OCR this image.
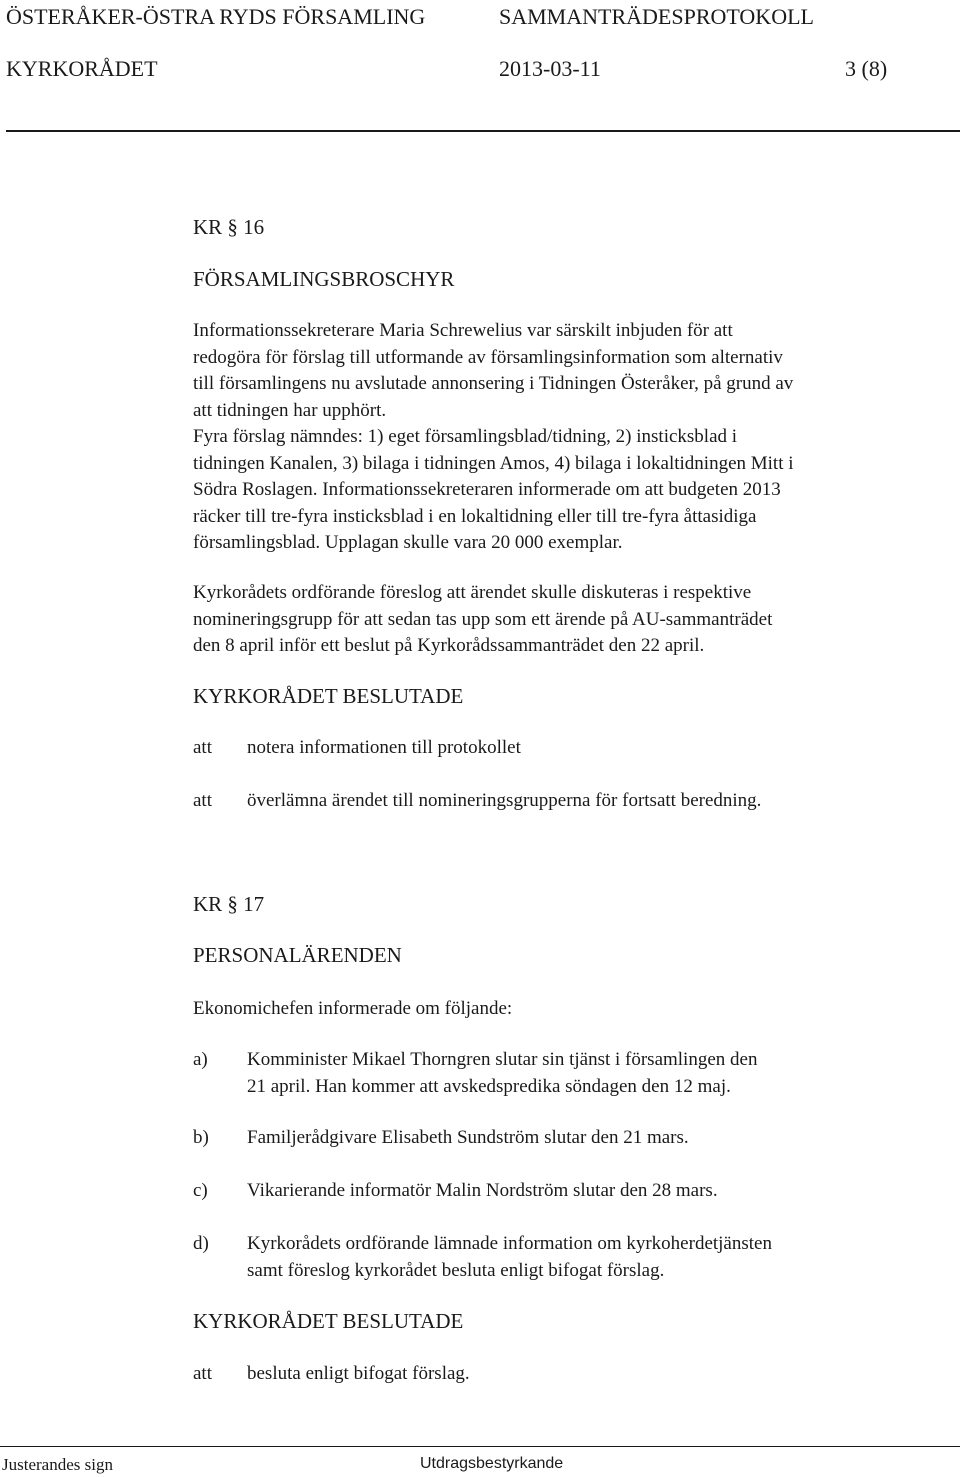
ÖSTERÅKER-ÖSTRA RYDS FÖRSAMLING	SAMMANTRÄDESPROTOKOLL
KYRKORÅDET	2013-03-11	3 (8)
KR § 16
FÖRSAMLINGSBROSCHYR
Informationssekreterare Maria Schrewelius var särskilt inbjuden för att
redogöra för förslag till utformande av församlingsinformation som alternativ
till församlingens nu avslutade annonsering i Tidningen Österåker, på grund av
att tidningen har upphört.
Fyra förslag nämndes: 1) eget församlingsblad/tidning, 2) insticksblad i
tidningen Kanalen, 3) bilaga i tidningen Amos, 4) bilaga i lokaltidningen Mitt i
Södra Roslagen. Informationssekreteraren informerade om att budgeten 2013
räcker till tre-fyra insticksblad i en lokaltidning eller till tre-fyra åttasidiga
församlingsblad. Upplagan skulle vara 20 000 exemplar.
Kyrkorådets ordförande föreslog att ärendet skulle diskuteras i respektive
nomineringsgrupp för att sedan tas upp som ett ärende på AU-sammanträdet
den 8 april inför ett beslut på Kyrkorådssammanträdet den 22 april.
KYRKORÅDET BESLUTADE
att notera informationen till protokollet
att överlämna ärendet till nomineringsgrupperna för fortsatt beredning.
KR § 17
PERSONALÄRENDEN
Ekonomichefen informerade om följande:
a) Komminister Mikael Thorngren slutar sin tjänst i församlingen den
21 april. Han kommer att avskedspredika söndagen den 12 maj.
b) Familjerådgivare Elisabeth Sundström slutar den 21 mars.
c) Vikarierande informatör Malin Nordström slutar den 28 mars.
d) Kyrkorådets ordförande lämnade information om kyrkoherdetjänsten
samt föreslog kyrkorådet besluta enligt bifogat förslag.
KYRKORÅDET BESLUTADE
att besluta enligt bifogat förslag.
Justerandes sign	Utdragsbestyrkande
